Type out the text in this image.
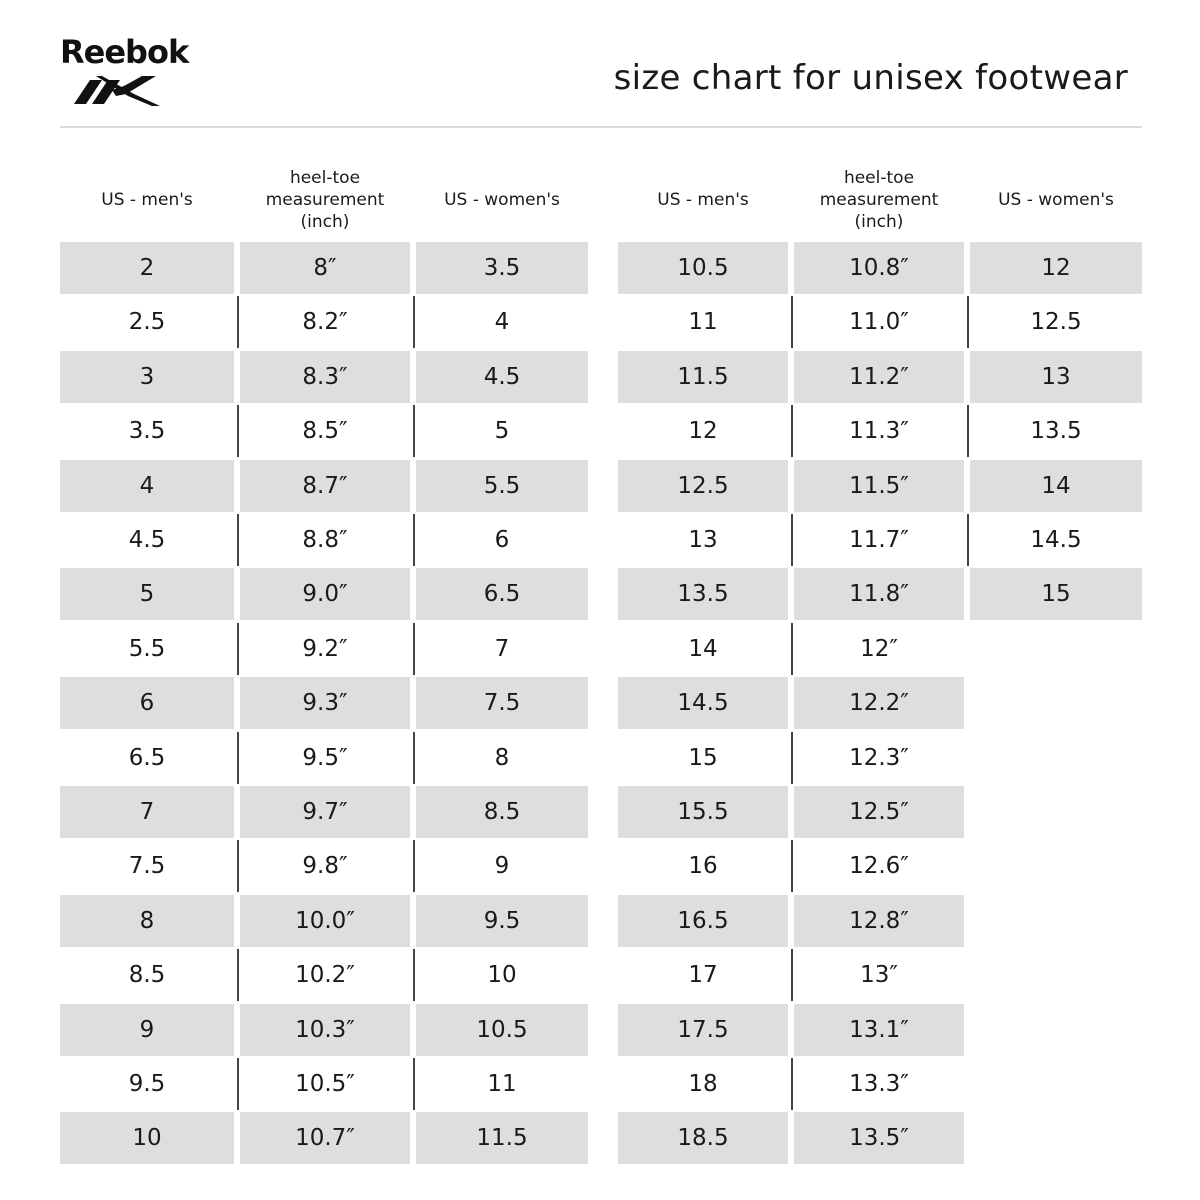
Reebok
size chart for unisex footwear
US - men's
heel-toe
measurement
(inch)
US - women's
2	8″	3.5
2.5	8.2″	4
3	8.3″	4.5
3.5	8.5″	5
4	8.7″	5.5
4.5	8.8″	6
5	9.0″	6.5
5.5	9.2″	7
6	9.3″	7.5
6.5	9.5″	8
7	9.7″	8.5
7.5	9.8″	9
8	10.0″	9.5
8.5	10.2″	10
9	10.3″	10.5
9.5	10.5″	11
10	10.7″	11.5
US - men's
heel-toe
measurement
(inch)
US - women's
10.5	10.8″	12
11	11.0″	12.5
11.5	11.2″	13
12	11.3″	13.5
12.5	11.5″	14
13	11.7″	14.5
13.5	11.8″	15
14	12″
14.5	12.2″
15	12.3″
15.5	12.5″
16	12.6″
16.5	12.8″
17	13″
17.5	13.1″
18	13.3″
18.5	13.5″
